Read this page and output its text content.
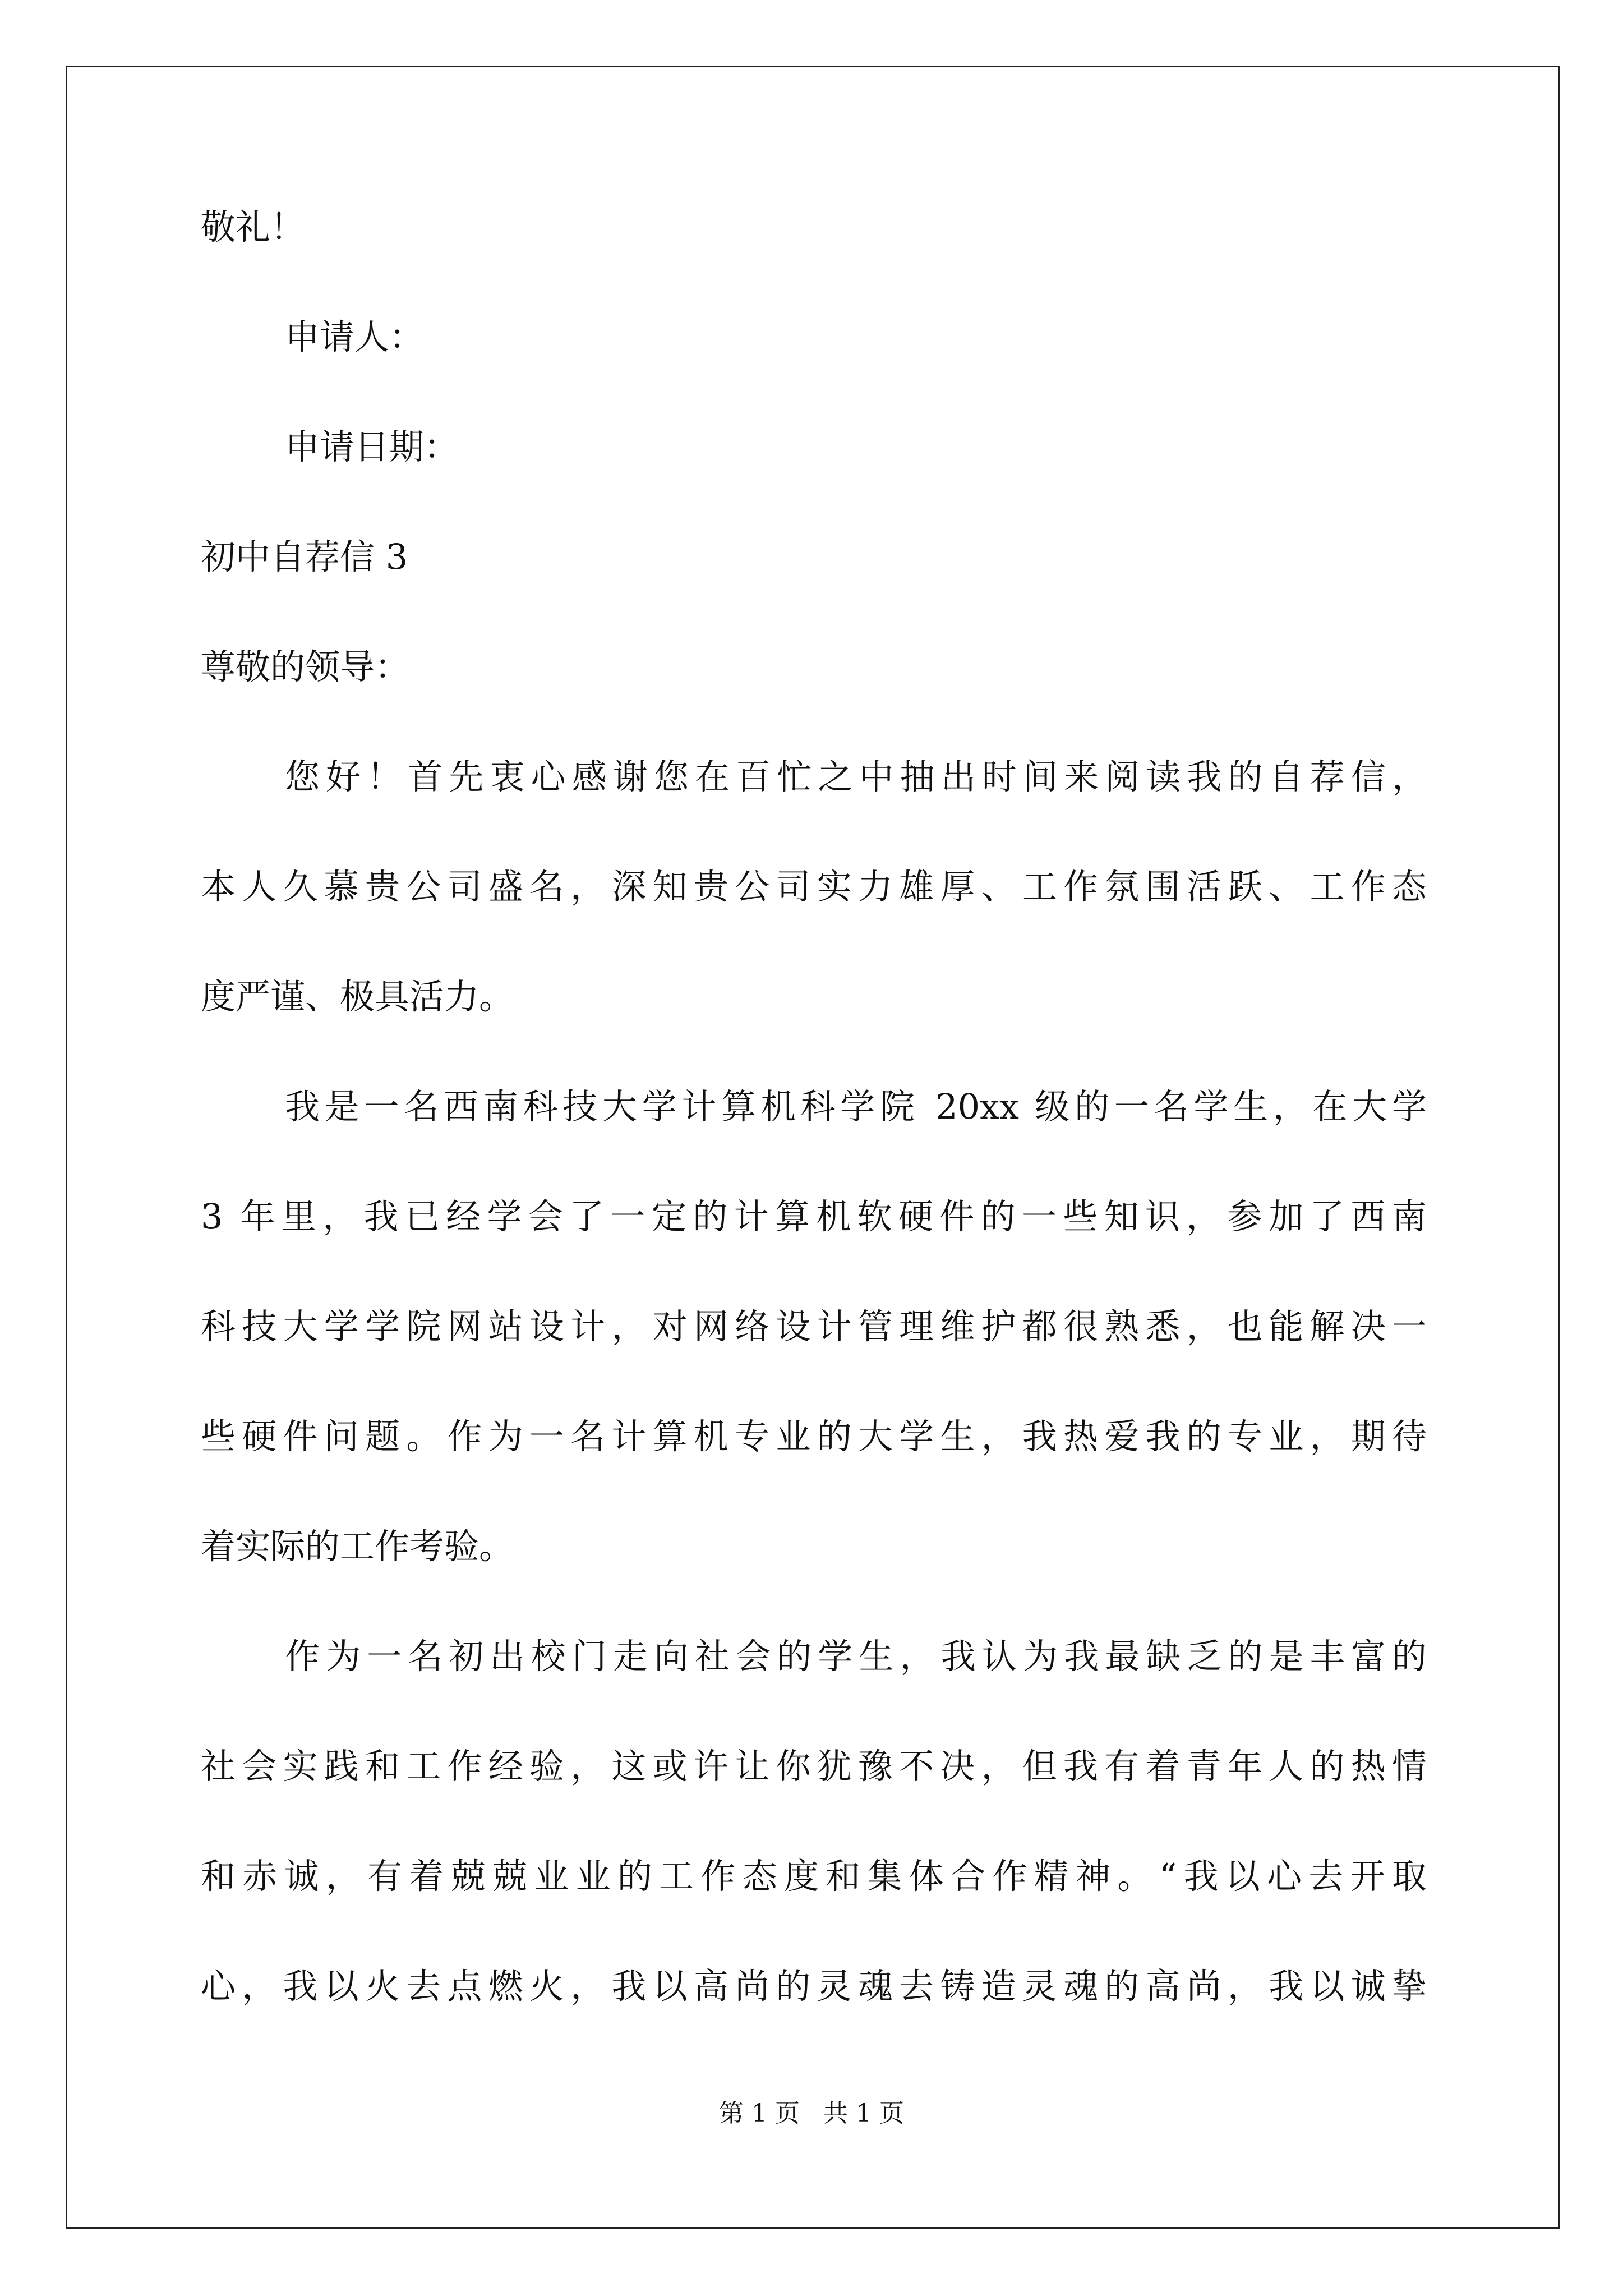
敬礼！
申请人：
申请日期：
初中自荐信 3
尊敬的领导：
您好！首先衷心感谢您在百忙之中抽出时间来阅读我的自荐信，
本人久慕贵公司盛名，深知贵公司实力雄厚、工作氛围活跃、工作态
度严谨、极具活力。
我是一名西南科技大学计算机科学院 20xx 级的一名学生，在大学
3 年里，我已经学会了一定的计算机软硬件的一些知识，参加了西南
科技大学学院网站设计，对网络设计管理维护都很熟悉，也能解决一
些硬件问题。作为一名计算机专业的大学生，我热爱我的专业，期待
着实际的工作考验。
作为一名初出校门走向社会的学生，我认为我最缺乏的是丰富的
社会实践和工作经验，这或许让你犹豫不决，但我有着青年人的热情
和赤诚，有着兢兢业业的工作态度和集体合作精神。“我以心去开取
心，我以火去点燃火，我以高尚的灵魂去铸造灵魂的高尚，我以诚挚
第 1 页   共 1 页
